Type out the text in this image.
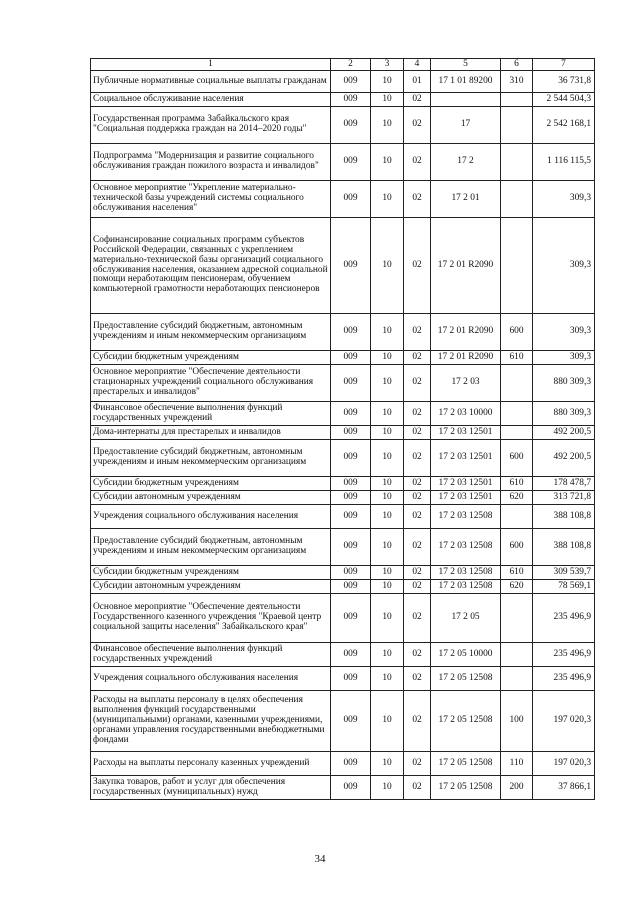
1	2	3	4	5	6	7
Публичные нормативные социальные выплаты гражданам	009	10	01	17 1 01 89200	310	36 731,8
Социальное обслуживание населения	009	10	02			2 544 504,3
Государственная программа Забайкальского края "Социальная поддержка граждан на 2014–2020 годы"	009	10	02	17		2 542 168,1
Подпрограмма "Модернизация и развитие социального обслуживания граждан пожилого возраста и инвалидов"	009	10	02	17 2		1 116 115,5
Основное мероприятие "Укрепление материально-технической базы учреждений системы социального обслуживания населения"	009	10	02	17 2 01		309,3
Софинансирование социальных программ субъектов Российской Федерации, связанных с укреплением материально-технической базы организаций социального обслуживания населения, оказанием адресной социальной помощи неработающим пенсионерам, обучением компьютерной грамотности неработающих пенсионеров	009	10	02	17 2 01 R2090		309,3
Предоставление субсидий бюджетным, автономным учреждениям и иным некоммерческим организациям	009	10	02	17 2 01 R2090	600	309,3
Субсидии бюджетным учреждениям	009	10	02	17 2 01 R2090	610	309,3
Основное мероприятие "Обеспечение деятельности стационарных учреждений социального обслуживания престарелых и инвалидов"	009	10	02	17 2 03		880 309,3
Финансовое обеспечение выполнения функций государственных учреждений	009	10	02	17 2 03 10000		880 309,3
Дома-интернаты для престарелых и инвалидов	009	10	02	17 2 03 12501		492 200,5
Предоставление субсидий бюджетным, автономным учреждениям и иным некоммерческим организациям	009	10	02	17 2 03 12501	600	492 200,5
Субсидии бюджетным учреждениям	009	10	02	17 2 03 12501	610	178 478,7
Субсидии автономным учреждениям	009	10	02	17 2 03 12501	620	313 721,8
Учреждения социального обслуживания населения	009	10	02	17 2 03 12508		388 108,8
Предоставление субсидий бюджетным, автономным учреждениям и иным некоммерческим организациям	009	10	02	17 2 03 12508	600	388 108,8
Субсидии бюджетным учреждениям	009	10	02	17 2 03 12508	610	309 539,7
Субсидии автономным учреждениям	009	10	02	17 2 03 12508	620	78 569,1
Основное мероприятие "Обеспечение деятельности Государственного казенного учреждения "Краевой центр социальной защиты населения" Забайкальского края"	009	10	02	17 2 05		235 496,9
Финансовое обеспечение выполнения функций государственных учреждений	009	10	02	17 2 05 10000		235 496,9
Учреждения социального обслуживания населения	009	10	02	17 2 05 12508		235 496,9
Расходы на выплаты персоналу в целях обеспечения выполнения функций государственными (муниципальными) органами, казенными учреждениями, органами управления государственными внебюджетными фондами	009	10	02	17 2 05 12508	100	197 020,3
Расходы на выплаты персоналу казенных учреждений	009	10	02	17 2 05 12508	110	197 020,3
Закупка товаров, работ и услуг для обеспечения государственных (муниципальных) нужд	009	10	02	17 2 05 12508	200	37 866,1
34
